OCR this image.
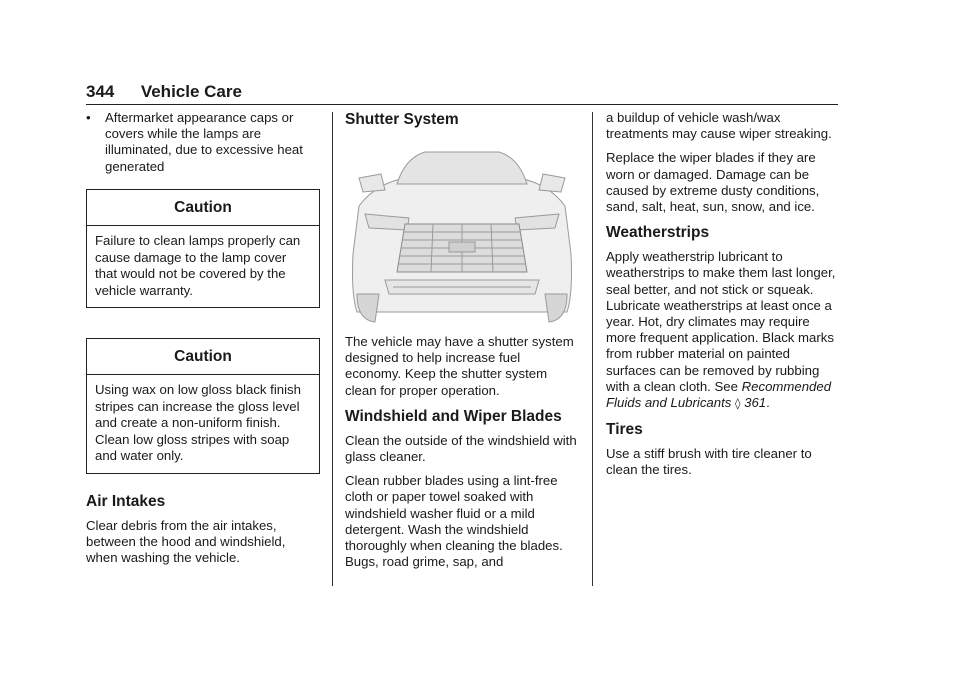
344 Vehicle Care
•	Aftermarket appearance caps or covers while the lamps are illuminated, due to excessive heat generated
Caution
Failure to clean lamps properly can cause damage to the lamp cover that would not be covered by the vehicle warranty.
Caution
Using wax on low gloss black finish stripes can increase the gloss level and create a non-uniform finish. Clean low gloss stripes with soap and water only.
Air Intakes

Clear debris from the air intakes, between the hood and windshield, when washing the vehicle.

Shutter System

The vehicle may have a shutter system designed to help increase fuel economy. Keep the shutter system clean for proper operation.

Windshield and Wiper Blades

Clean the outside of the windshield with glass cleaner.

Clean rubber blades using a lint-free cloth or paper towel soaked with windshield washer fluid or a mild detergent. Wash the windshield thoroughly when cleaning the blades. Bugs, road grime, sap, and

a buildup of vehicle wash/wax treatments may cause wiper streaking.

Replace the wiper blades if they are worn or damaged. Damage can be caused by extreme dusty conditions, sand, salt, heat, sun, snow, and ice.

Weatherstrips

Apply weatherstrip lubricant to weatherstrips to make them last longer, seal better, and not stick or squeak. Lubricate weatherstrips at least once a year. Hot, dry climates may require more frequent application. Black marks from rubber material on painted surfaces can be removed by rubbing with a clean cloth. See Recommended Fluids and Lubricants ◊ 361.

Tires

Use a stiff brush with tire cleaner to clean the tires.
